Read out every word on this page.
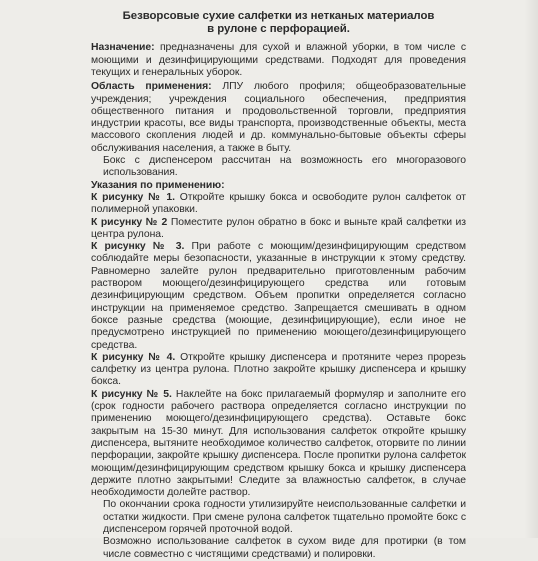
Безворсовые сухие салфетки из нетканых материалов
в рулоне с перфорацией.

Назначение: предназначены для сухой и влажной уборки, в том числе с моющими и дезинфицирующими средствами. Подходят для проведения текущих и генеральных уборок.

Область применения: ЛПУ любого профиля; общеобразовательные учреждения; учреждения социального обеспечения, предприятия общественного питания и продовольственной торговли, предприятия индустрии красоты, все виды транспорта, производственные объекты, места массового скопления людей и др. коммунально-бытовые объекты сферы обслуживания населения, а также в быту.

Бокс с диспенсером рассчитан на возможность его многоразового использования.

Указания по применению:

К рисунку № 1. Откройте крышку бокса и освободите рулон салфеток от полимерной упаковки.

К рисунку № 2 Поместите рулон обратно в бокс и выньте край салфетки из центра рулона.

К рисунку № 3. При работе с моющим/дезинфицирующим средством соблюдайте меры безопасности, указанные в инструкции к этому средству. Равномерно залейте рулон предварительно приготовленным рабочим раствором моющего/дезинфицирующего средства или готовым дезинфицирующим средством. Объем пропитки определяется согласно инструкции на применяемое средство. Запрещается смешивать в одном боксе разные средства (моющие, дезинфицирующие), если иное не предусмотрено инструкцией по применению моющего/дезинфицирующего средства.

К рисунку № 4. Откройте крышку диспенсера и протяните через прорезь салфетку из центра рулона. Плотно закройте крышку диспенсера и крышку бокса.

К рисунку № 5. Наклейте на бокс прилагаемый формуляр и заполните его (срок годности рабочего раствора определяется согласно инструкции по применению моющего/дезинфицирующего средства). Оставьте бокс закрытым на 15-30 минут. Для использования салфеток откройте крышку диспенсера, вытяните необходимое количество салфеток, оторвите по линии перфорации, закройте крышку диспенсера. После пропитки рулона салфеток моющим/дезинфицирующим средством крышку бокса и крышку диспенсера держите плотно закрытыми! Следите за влажностью салфеток, в случае необходимости долейте раствор.

По окончании срока годности утилизируйте неиспользованные салфетки и остатки жидкости. При смене рулона салфеток тщательно промойте бокс с диспенсером горячей проточной водой.

Возможно использование салфеток в сухом виде для протирки (в том числе совместно с чистящими средствами) и полировки.
